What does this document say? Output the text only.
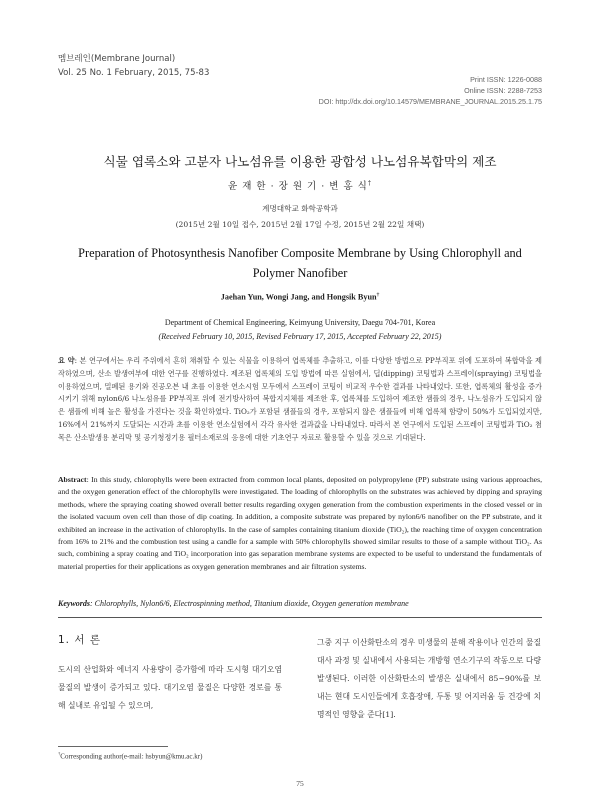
멤브레인(Membrane Journal)
Vol. 25 No. 1 February, 2015, 75-83
Print ISSN: 1226-0088
Online ISSN: 2288-7253
DOI: http://dx.doi.org/10.14579/MEMBRANE_JOURNAL.2015.25.1.75
식물 엽록소와 고분자 나노섬유를 이용한 광합성 나노섬유복합막의 제조
윤 재 한 · 장 원 기 · 변 홍 식†
계명대학교 화학공학과
(2015년 2월 10일 접수, 2015년 2월 17일 수정, 2015년 2월 22일 채택)
Preparation of Photosynthesis Nanofiber Composite Membrane by Using Chlorophyll and Polymer Nanofiber
Jaehan Yun, Wongi Jang, and Hongsik Byun†
Department of Chemical Engineering, Keimyung University, Daegu 704-701, Korea
(Received February 10, 2015, Revised February 17, 2015, Accepted February 22, 2015)
요 약: 본 연구에서는 우리 주위에서 흔히 채취할 수 있는 식물을 이용하여 엽록체를 추출하고, 이를 다양한 방법으로 PP부직포 위에 도포하여 복합막을 제작하였으며, 산소 발생여부에 대한 연구를 진행하였다. 제조된 엽록체의 도입 방법에 따른 실험에서, 딥(dipping) 코팅법과 스프레이(spraying) 코팅법을 이용하였으며, 밀폐된 용기와 진공오븐 내 초를 이용한 연소시험 모두에서 스프레이 코팅이 비교적 우수한 결과를 나타내었다. 또한, 엽록체의 활성을 증가시키기 위해 nylon6/6 나노섬유를 PP부직포 위에 전기방사하여 복합지지체를 제조한 후, 엽록체를 도입하여 제조한 샘플의 경우, 나노섬유가 도입되지 않은 샘플에 비해 높은 활성을 가진다는 것을 확인하였다. TiO₂가 포함된 샘플들의 경우, 포함되지 않은 샘플들에 비해 엽록체 함량이 50%가 도입되었지만, 16%에서 21%까지 도달되는 시간과 초를 이용한 연소실험에서 각각 유사한 결과값을 나타내었다. 따라서 본 연구에서 도입된 스프레이 코팅법과 TiO₂ 첨목은 산소발생용 분리막 및 공기청정기용 필터소재로의 응용에 대한 기초연구 자료로 활용할 수 있을 것으로 기대된다.
Abstract: In this study, chlorophylls were been extracted from common local plants, deposited on polypropylene (PP) substrate using various approaches, and the oxygen generation effect of the chlorophylls were investigated. The loading of chlorophylls on the substrates was achieved by dipping and spraying methods, where the spraying coating showed overall better results regarding oxygen generation from the combustion experiments in the closed vessel or in the isolated vacuum oven cell than those of dip coating. In addition, a composite substrate was prepared by nylon6/6 nanofiber on the PP substrate, and it exhibited an increase in the activation of chlorophylls. In the case of samples containing titanium dioxide (TiO₂), the reaching time of oxygen concentration from 16% to 21% and the combustion test using a candle for a sample with 50% chlorophylls showed similar results to those of a sample without TiO₂. As such, combining a spray coating and TiO₂ incorporation into gas separation membrane systems are expected to be useful to understand the fundamentals of material properties for their applications as oxygen generation membranes and air filtration systems.
Keywords: Chlorophylls, Nylon6/6, Electrospinning method, Titanium dioxide, Oxygen generation membrane
1. 서 론
도시의 산업화와 에너지 사용량이 증가함에 따라 도시형 대기오염 물질의 발생이 증가되고 있다. 대기오염 물질은 다양한 경로를 통해 실내로 유입될 수 있으며,
그중 지구 이산화탄소의 경우 미생물의 분해 작용이나 인간의 물질 대사 과정 및 실내에서 사용되는 개방형 연소기구의 작동으로 다량 발생된다. 이러한 이산화탄소의 발생은 실내에서 85~90%를 보내는 현대 도시인들에게 호흡장애, 두통 및 어지러움 등 건강에 치명적인 영향을 준다[1].
†Corresponding author(e-mail: hsbyun@kmu.ac.kr)
75
